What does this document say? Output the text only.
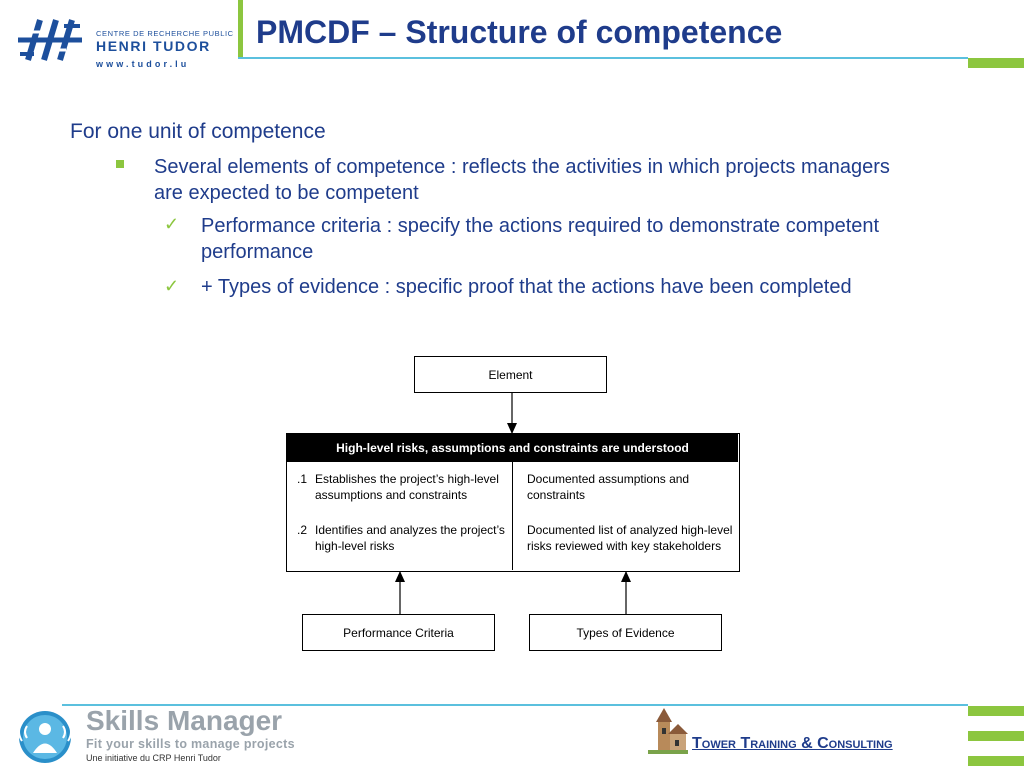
CENTRE DE RECHERCHE PUBLIC
HENRI TUDOR
www.tudor.lu
PMCDF – Structure of competence
For one unit of competence
Several elements of competence : reflects the activities in which projects managers are expected to be competent
✓ Performance criteria : specify the actions required to demonstrate competent performance
✓ + Types of evidence : specific proof that the actions have been completed
Element
High-level risks, assumptions and constraints are understood
.1 Establishes the project’s high-level assumptions and constraints
.2 Identifies and analyzes the project’s high-level risks
Documented assumptions and constraints
Documented list of analyzed high-level risks reviewed with key stakeholders
Performance Criteria	Types of Evidence
Skills Manager
Fit your skills to manage projects
Une initiative du CRP Henri Tudor
Tower Training & Consulting
